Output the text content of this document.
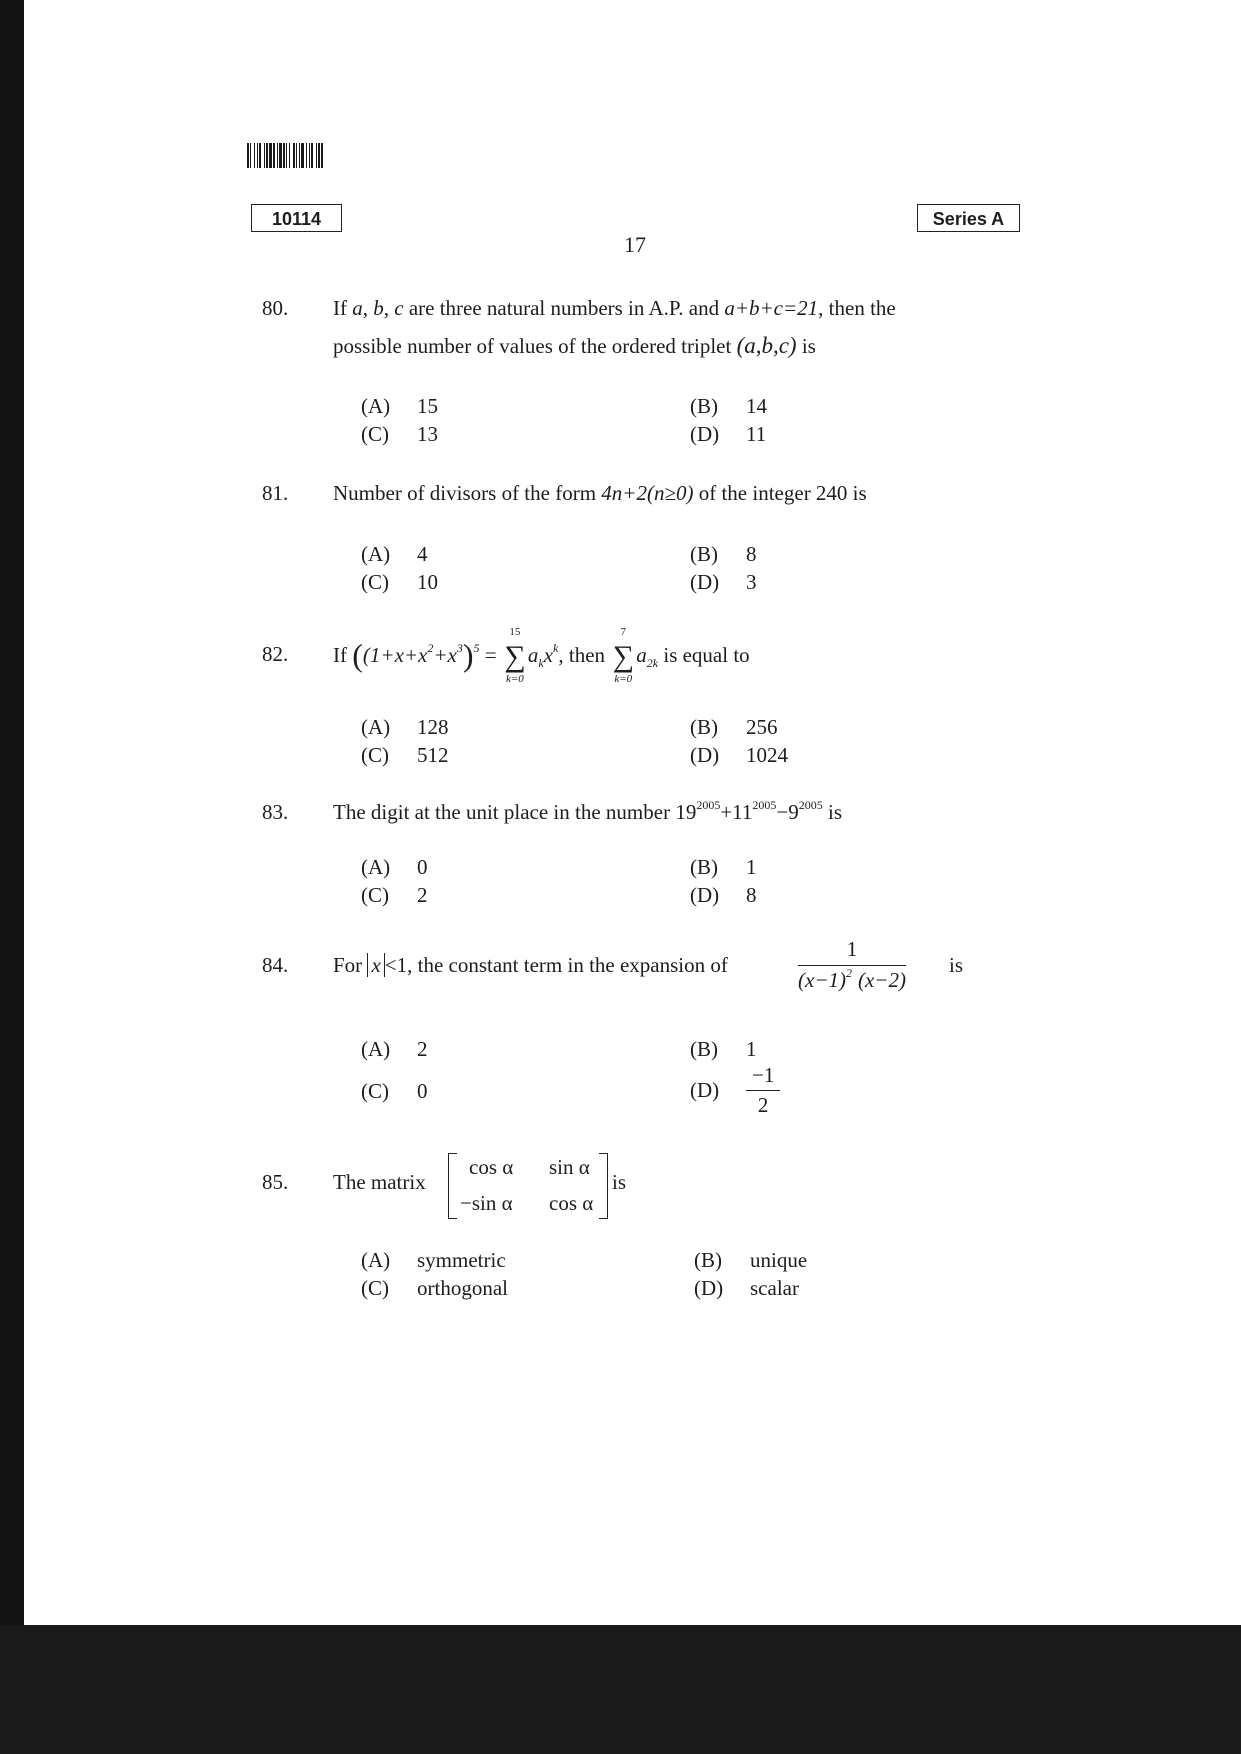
10114	Series A
17
80. If a, b, c are three natural numbers in A.P. and a+b+c=21, then the
possible number of values of the ordered triplet (a,b,c) is
(A) 15	(B) 14
(C) 13	(D) 11
81. Number of divisors of the form 4n+2(n≥0) of the integer 240 is
(A) 4	(B) 8
(C) 10	(D) 3
82. If ($(1+x+x^2+x^3)^5$ =
15
∑
k=0
$a_kx^k$, then
7
∑
k=0
$a_{2k}$ is equal to
(A) 128	(B) 256
(C) 512	(D) 1024
83. The digit at the unit place in the number $19^{2005}+11^{2005}-9^{2005}$ is
(A) 0	(B) 1
(C) 2	(D) 8
84. For x <1, the constant term in the expansion of	$\frac{1}{(x-1)^2 (x-2)}$ is
(A) 2	(B) 1
(C) 0	$(D) \frac{-1}{2}$
85. The matrix
cos α sin α
−sin α cos α
is
(A) symmetric	(B) unique
(C) orthogonal	(D) scalar
